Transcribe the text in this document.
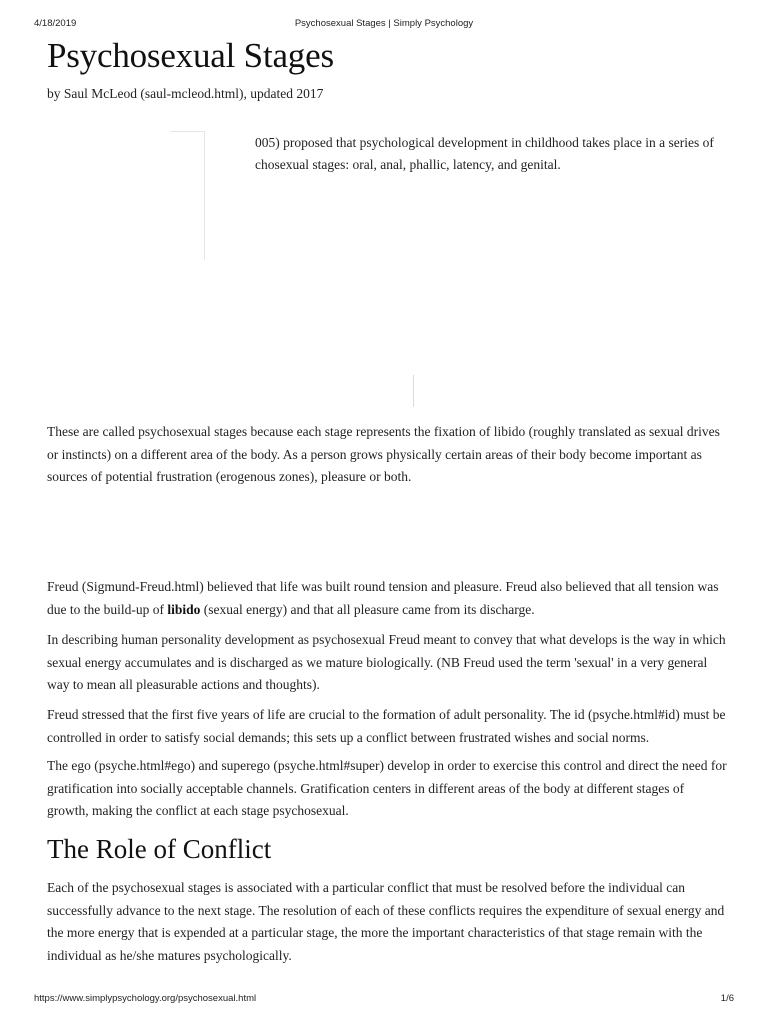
4/18/2019	Psychosexual Stages | Simply Psychology
Psychosexual Stages
by Saul McLeod (saul-mcleod.html), updated 2017
005) proposed that psychological development in childhood takes place in a series of
chosexual stages: oral, anal, phallic, latency, and genital.

These are called psychosexual stages because each stage represents the fixation of libido (roughly translated as sexual drives or instincts) on a different area of the body. As a person grows physically certain areas of their body become important as sources of potential frustration (erogenous zones), pleasure or both.

Freud (Sigmund-Freud.html) believed that life was built round tension and pleasure. Freud also believed that all tension was due to the build-up of libido (sexual energy) and that all pleasure came from its discharge.

In describing human personality development as psychosexual Freud meant to convey that what develops is the way in which sexual energy accumulates and is discharged as we mature biologically. (NB Freud used the term 'sexual' in a very general way to mean all pleasurable actions and thoughts).

Freud stressed that the first five years of life are crucial to the formation of adult personality. The id (psyche.html#id) must be controlled in order to satisfy social demands; this sets up a conflict between frustrated wishes and social norms.

The ego (psyche.html#ego) and superego (psyche.html#super) develop in order to exercise this control and direct the need for gratification into socially acceptable channels. Gratification centers in different areas of the body at different stages of growth, making the conflict at each stage psychosexual.

The Role of Conflict

Each of the psychosexual stages is associated with a particular conflict that must be resolved before the individual can successfully advance to the next stage. The resolution of each of these conflicts requires the expenditure of sexual energy and the more energy that is expended at a particular stage, the more the important characteristics of that stage remain with the individual as he/she matures psychologically.

https://www.simplypsychology.org/psychosexual.html	1/6
